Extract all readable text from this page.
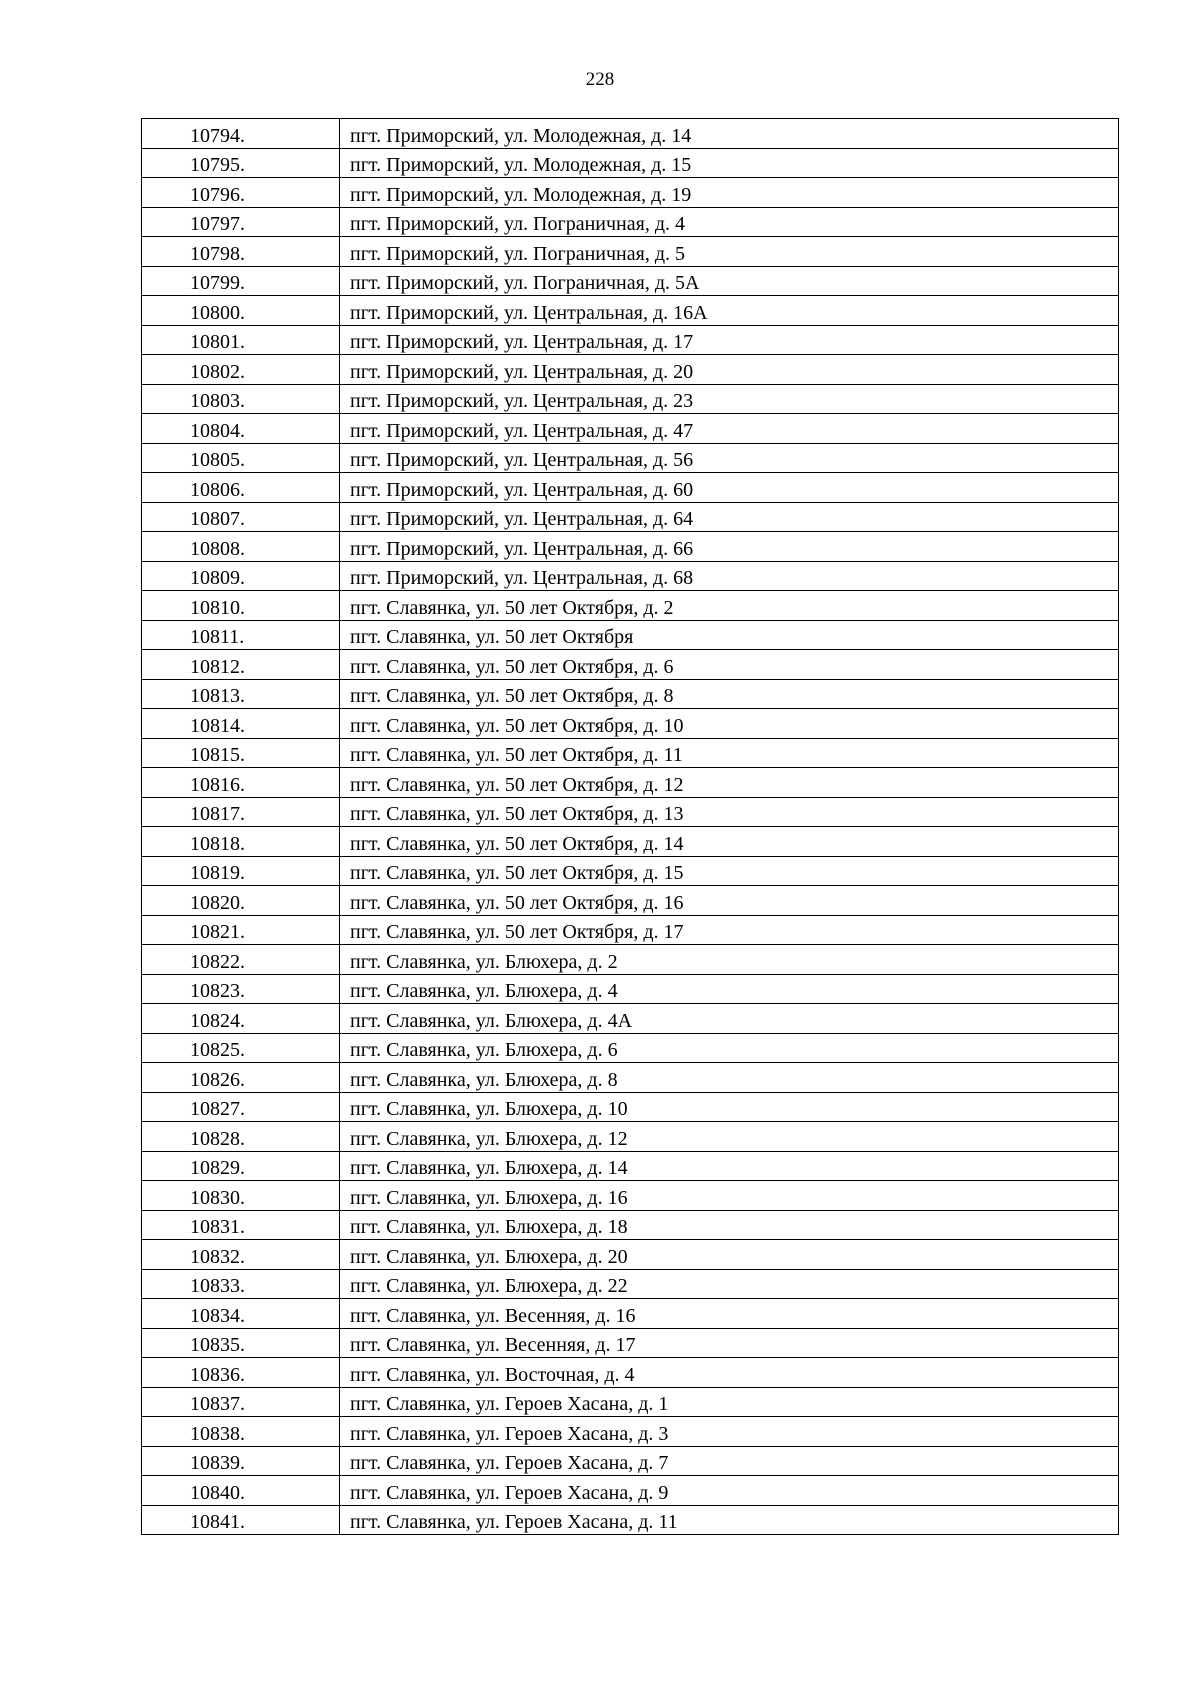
228
10794.	пгт. Приморский, ул. Молодежная, д. 14
10795.	пгт. Приморский, ул. Молодежная, д. 15
10796.	пгт. Приморский, ул. Молодежная, д. 19
10797.	пгт. Приморский, ул. Пограничная, д. 4
10798.	пгт. Приморский, ул. Пограничная, д. 5
10799.	пгт. Приморский, ул. Пограничная, д. 5А
10800.	пгт. Приморский, ул. Центральная, д. 16А
10801.	пгт. Приморский, ул. Центральная, д. 17
10802.	пгт. Приморский, ул. Центральная, д. 20
10803.	пгт. Приморский, ул. Центральная, д. 23
10804.	пгт. Приморский, ул. Центральная, д. 47
10805.	пгт. Приморский, ул. Центральная, д. 56
10806.	пгт. Приморский, ул. Центральная, д. 60
10807.	пгт. Приморский, ул. Центральная, д. 64
10808.	пгт. Приморский, ул. Центральная, д. 66
10809.	пгт. Приморский, ул. Центральная, д. 68
10810.	пгт. Славянка, ул. 50 лет Октября, д. 2
10811.	пгт. Славянка, ул. 50 лет Октября
10812.	пгт. Славянка, ул. 50 лет Октября, д. 6
10813.	пгт. Славянка, ул. 50 лет Октября, д. 8
10814.	пгт. Славянка, ул. 50 лет Октября, д. 10
10815.	пгт. Славянка, ул. 50 лет Октября, д. 11
10816.	пгт. Славянка, ул. 50 лет Октября, д. 12
10817.	пгт. Славянка, ул. 50 лет Октября, д. 13
10818.	пгт. Славянка, ул. 50 лет Октября, д. 14
10819.	пгт. Славянка, ул. 50 лет Октября, д. 15
10820.	пгт. Славянка, ул. 50 лет Октября, д. 16
10821.	пгт. Славянка, ул. 50 лет Октября, д. 17
10822.	пгт. Славянка, ул. Блюхера, д. 2
10823.	пгт. Славянка, ул. Блюхера, д. 4
10824.	пгт. Славянка, ул. Блюхера, д. 4А
10825.	пгт. Славянка, ул. Блюхера, д. 6
10826.	пгт. Славянка, ул. Блюхера, д. 8
10827.	пгт. Славянка, ул. Блюхера, д. 10
10828.	пгт. Славянка, ул. Блюхера, д. 12
10829.	пгт. Славянка, ул. Блюхера, д. 14
10830.	пгт. Славянка, ул. Блюхера, д. 16
10831.	пгт. Славянка, ул. Блюхера, д. 18
10832.	пгт. Славянка, ул. Блюхера, д. 20
10833.	пгт. Славянка, ул. Блюхера, д. 22
10834.	пгт. Славянка, ул. Весенняя, д. 16
10835.	пгт. Славянка, ул. Весенняя, д. 17
10836.	пгт. Славянка, ул. Восточная, д. 4
10837.	пгт. Славянка, ул. Героев Хасана, д. 1
10838.	пгт. Славянка, ул. Героев Хасана, д. 3
10839.	пгт. Славянка, ул. Героев Хасана, д. 7
10840.	пгт. Славянка, ул. Героев Хасана, д. 9
10841.	пгт. Славянка, ул. Героев Хасана, д. 11
